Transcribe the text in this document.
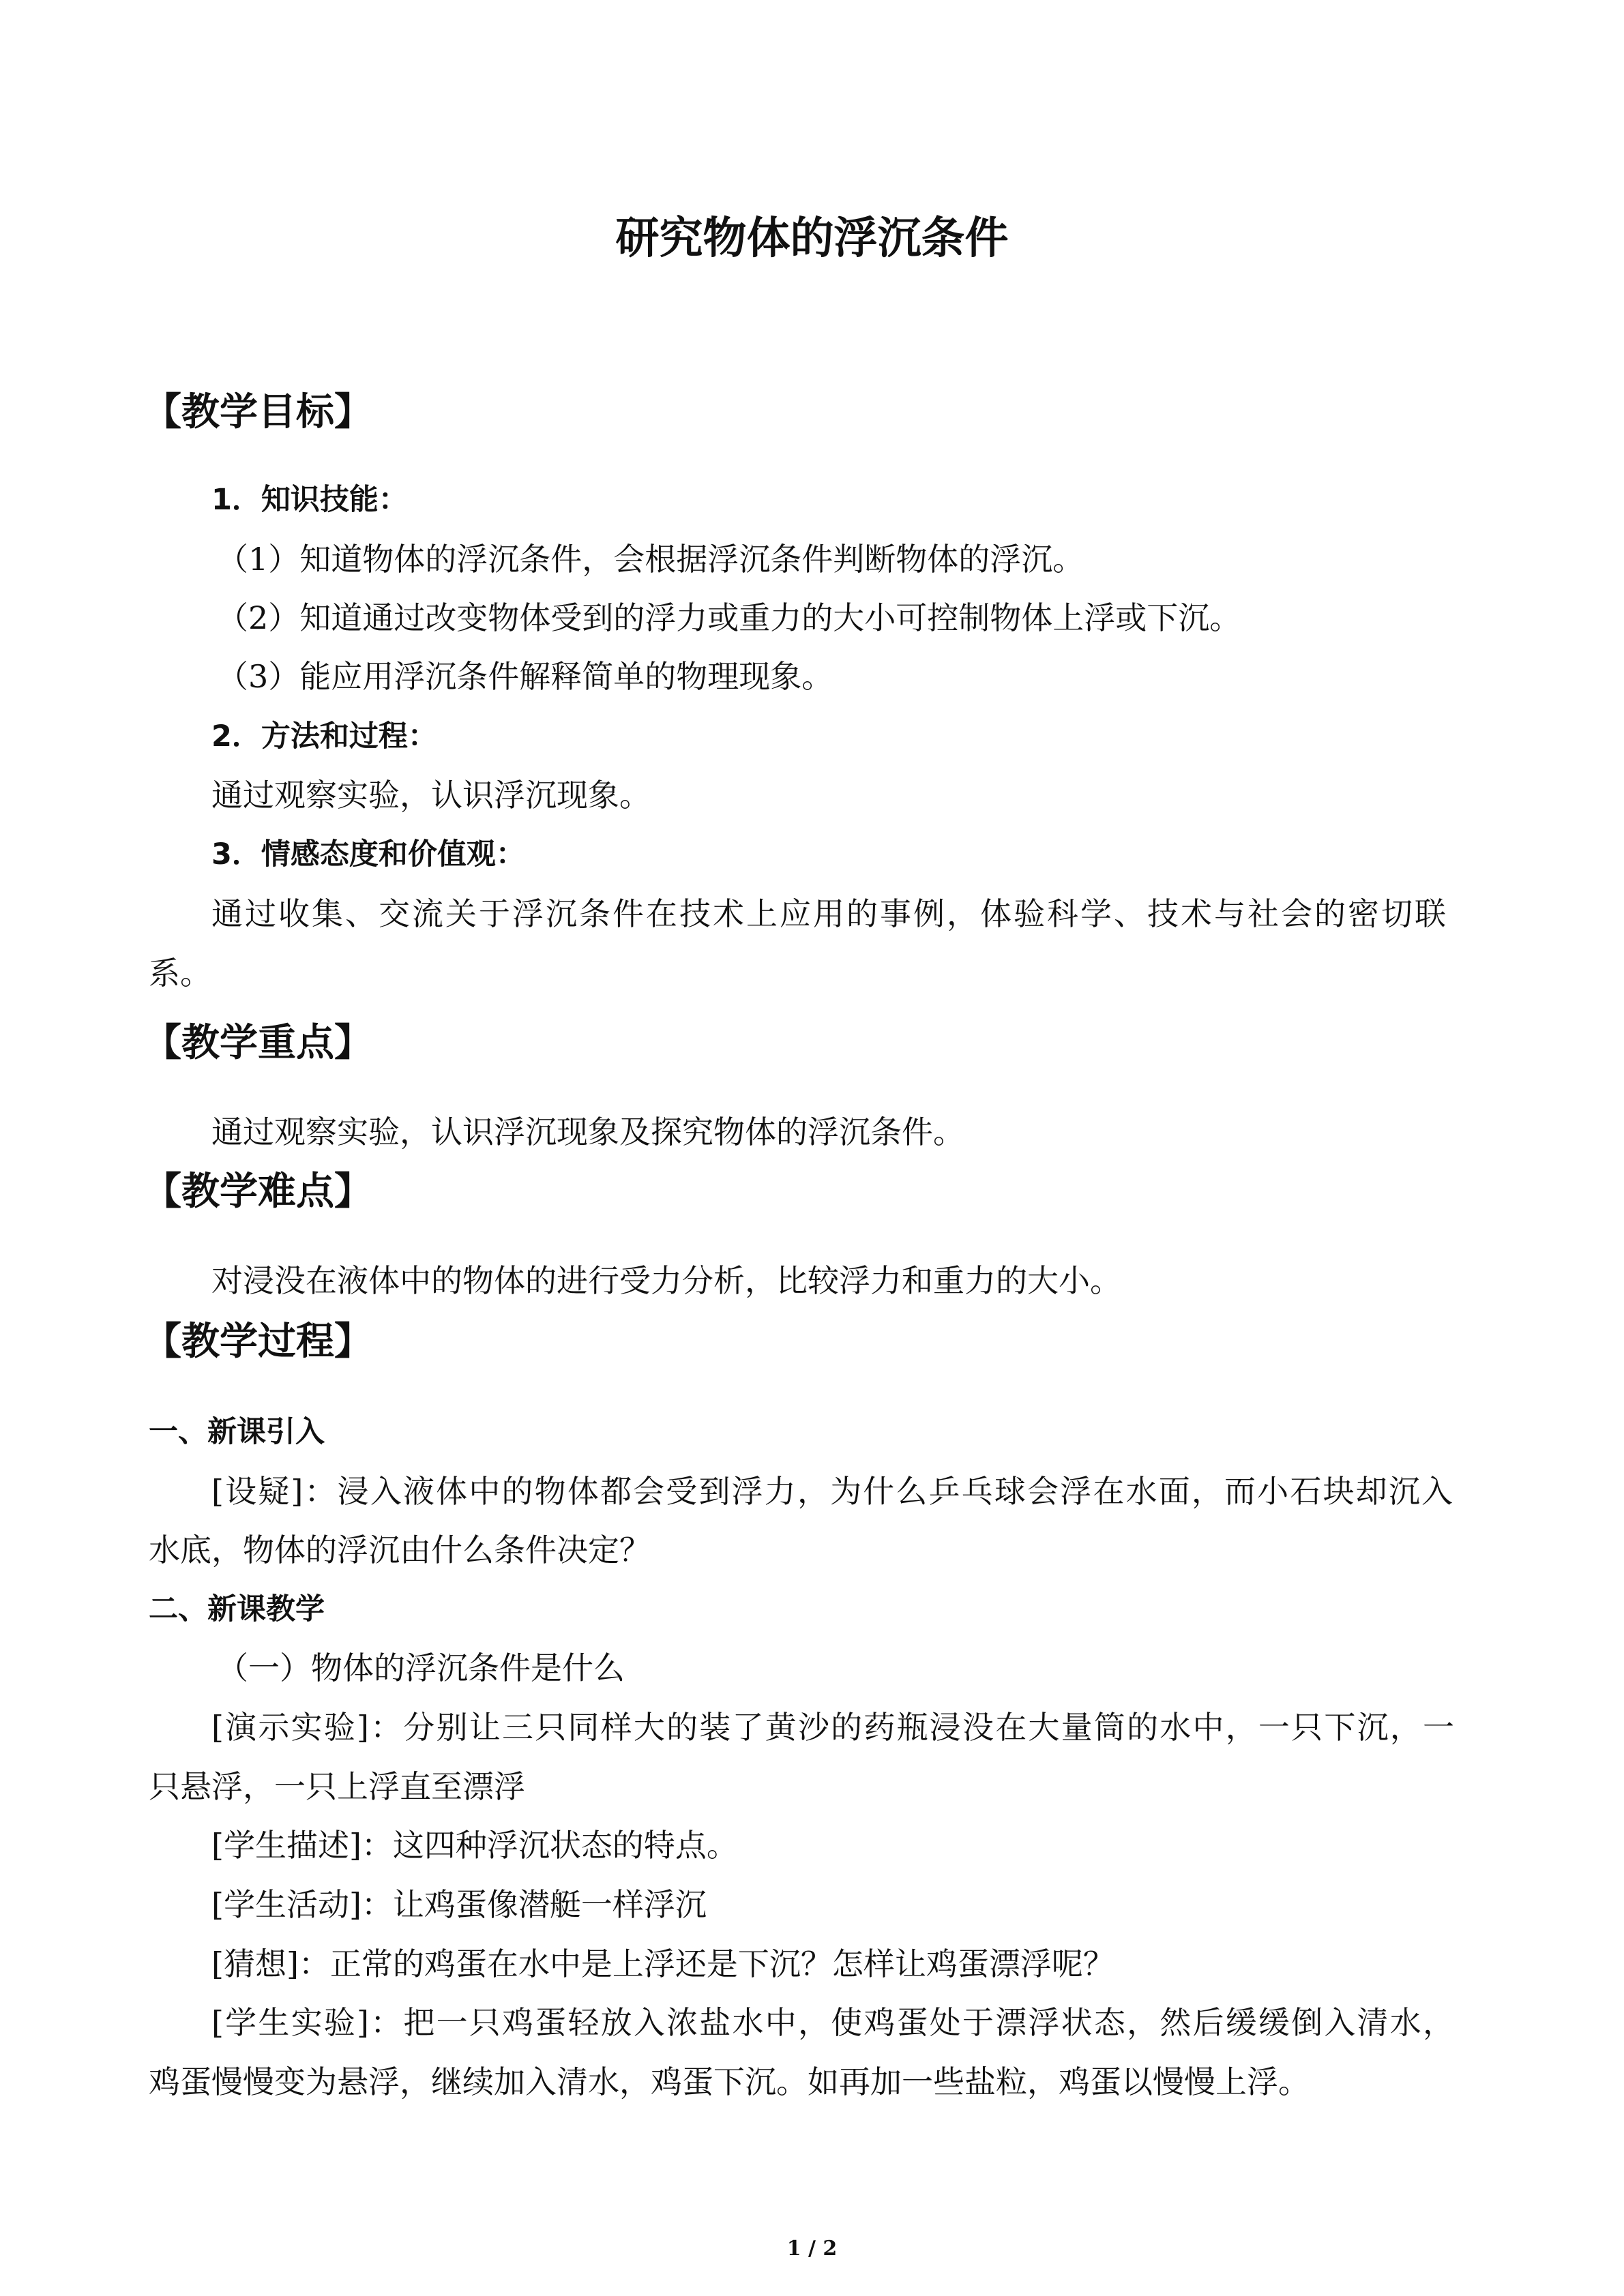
研究物体的浮沉条件
【教学目标】
1．知识技能：
（1）知道物体的浮沉条件，会根据浮沉条件判断物体的浮沉。
（2）知道通过改变物体受到的浮力或重力的大小可控制物体上浮或下沉。
（3）能应用浮沉条件解释简单的物理现象。
2．方法和过程：
通过观察实验，认识浮沉现象。
3．情感态度和价值观：
通过收集、交流关于浮沉条件在技术上应用的事例，体验科学、技术与社会的密切联
系。
【教学重点】
通过观察实验，认识浮沉现象及探究物体的浮沉条件。
【教学难点】
对浸没在液体中的物体的进行受力分析，比较浮力和重力的大小。
【教学过程】
一、新课引入
[设疑]：浸入液体中的物体都会受到浮力，为什么乒乓球会浮在水面，而小石块却沉入
水底，物体的浮沉由什么条件决定？
二、新课教学
（一）物体的浮沉条件是什么
[演示实验]：分别让三只同样大的装了黄沙的药瓶浸没在大量筒的水中，一只下沉，一
只悬浮，一只上浮直至漂浮
[学生描述]：这四种浮沉状态的特点。
[学生活动]：让鸡蛋像潜艇一样浮沉
[猜想]：正常的鸡蛋在水中是上浮还是下沉？怎样让鸡蛋漂浮呢？
[学生实验]：把一只鸡蛋轻放入浓盐水中，使鸡蛋处于漂浮状态，然后缓缓倒入清水，
鸡蛋慢慢变为悬浮，继续加入清水，鸡蛋下沉。如再加一些盐粒，鸡蛋以慢慢上浮。
1 / 2
